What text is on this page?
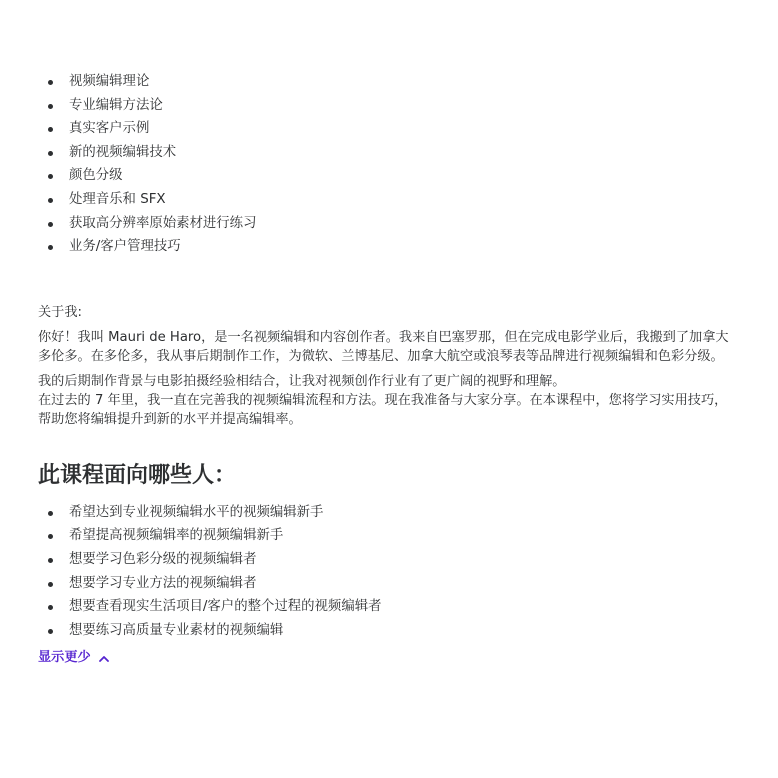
视频编辑理论
专业编辑方法论
真实客户示例
新的视频编辑技术
颜色分级
处理音乐和 SFX
获取高分辨率原始素材进行练习
业务/客户管理技巧
关于我:
你好！我叫 Mauri de Haro，是一名视频编辑和内容创作者。我来自巴塞罗那，但在完成电影学业后，我搬到了加拿大多伦多。在多伦多，我从事后期制作工作，为微软、兰博基尼、加拿大航空或浪琴表等品牌进行视频编辑和色彩分级。
我的后期制作背景与电影拍摄经验相结合，让我对视频创作行业有了更广阔的视野和理解。
在过去的 7 年里，我一直在完善我的视频编辑流程和方法。现在我准备与大家分享。在本课程中，您将学习实用技巧，帮助您将编辑提升到新的水平并提高编辑率。
此课程面向哪些人：
希望达到专业视频编辑水平的视频编辑新手
希望提高视频编辑率的视频编辑新手
想要学习色彩分级的视频编辑者
想要学习专业方法的视频编辑者
想要查看现实生活项目/客户的整个过程的视频编辑者
想要练习高质量专业素材的视频编辑
显示更少
